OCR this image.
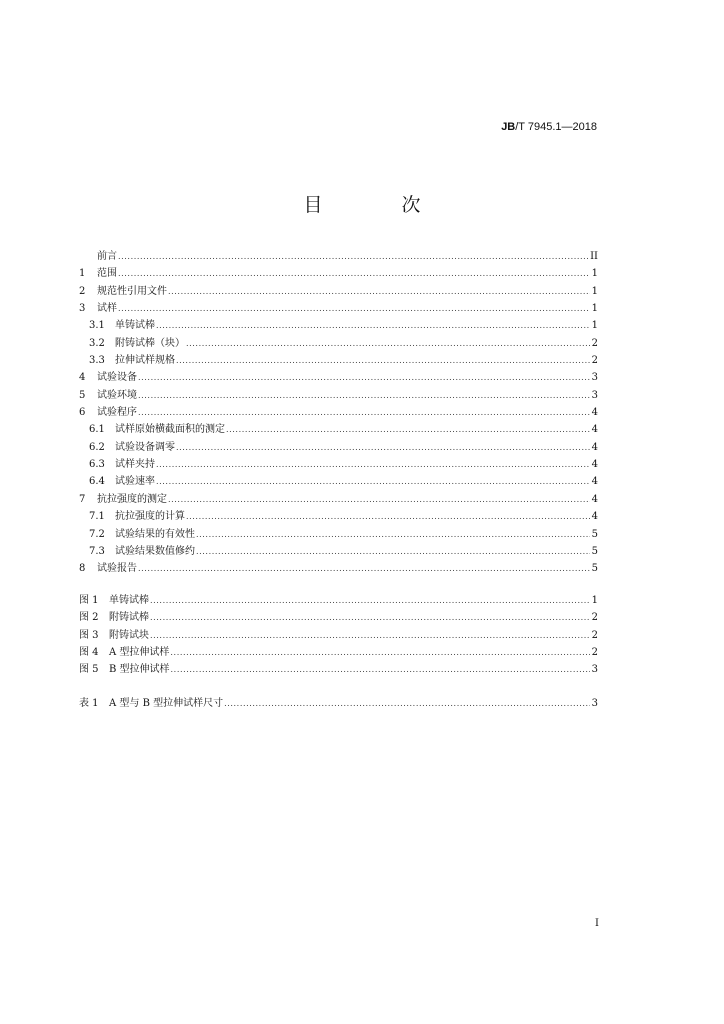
JB/T 7945.1—2018
目　次
前言 .....	II
1	范围 .....	1
2	规范性引用文件 .....	1
3	试样 .....	1
3.1	单铸试棒 .....	1
3.2	附铸试棒（块） .....	2
3.3	拉伸试样规格 .....	2
4	试验设备 .....	3
5	试验环境 .....	3
6	试验程序 .....	4
6.1	试样原始横截面积的测定 .....	4
6.2	试验设备调零 .....	4
6.3	试样夹持 .....	4
6.4	试验速率 .....	4
7	抗拉强度的测定 .....	4
7.1	抗拉强度的计算 .....	4
7.2	试验结果的有效性 .....	5
7.3	试验结果数值修约 .....	5
8	试验报告 .....	5
图 1	单铸试棒 .....	1
图 2	附铸试棒 .....	2
图 3	附铸试块 .....	2
图 4	A 型拉伸试样 .....	2
图 5	B 型拉伸试样 .....	3
表 1	A 型与 B 型拉伸试样尺寸 .....	3
I
